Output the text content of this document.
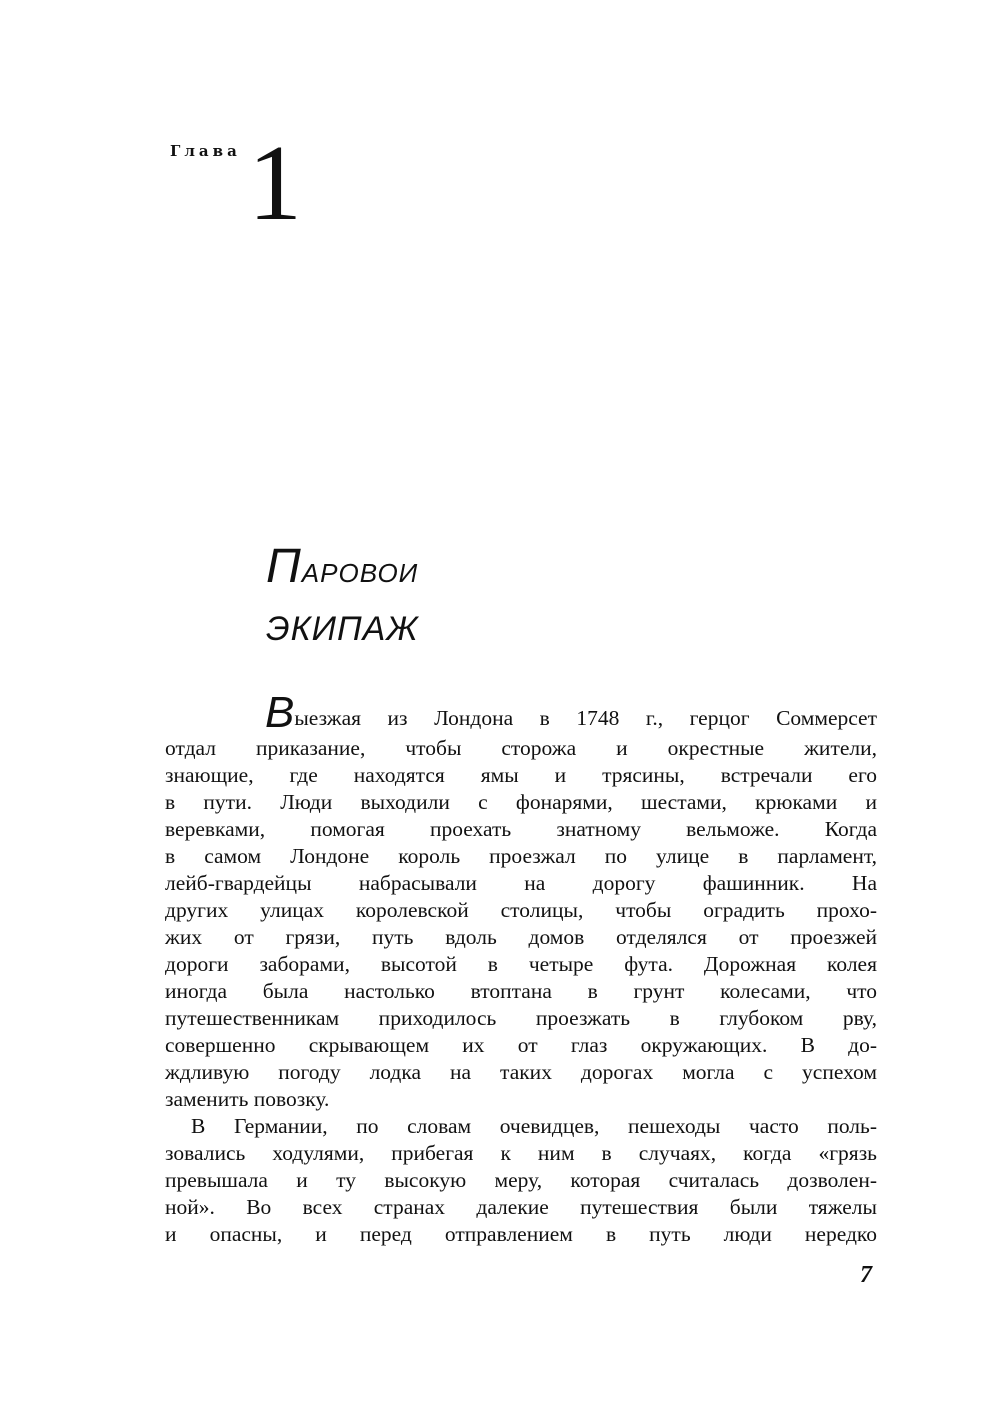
Глава 1
Паровои
ЭКИПАЖ
Выезжая из Лондона в 1748 г., герцог Соммерсет
отдал приказание, чтобы сторожа и окрестные жители,
знающие, где находятся ямы и трясины, встречали его
в пути. Люди выходили с фонарями, шестами, крюками и
веревками, помогая проехать знатному вельможе. Когда
в самом Лондоне король проезжал по улице в парламент,
лейб-гвардейцы набрасывали на дорогу фашинник. На
других улицах королевской столицы, чтобы оградить прохо-
жих от грязи, путь вдоль домов отделялся от проезжей
дороги заборами, высотой в четыре фута. Дорожная колея
иногда была настолько втоптана в грунт колесами, что
путешественникам приходилось проезжать в глубоком рву,
совершенно скрывающем их от глаз окружающих. В до-
ждливую погоду лодка на таких дорогах могла с успехом
заменить повозку.
В Германии, по словам очевидцев, пешеходы часто поль-
зовались ходулями, прибегая к ним в случаях, когда «грязь
превышала и ту высокую меру, которая считалась дозволен-
ной». Во всех странах далекие путешествия были тяжелы
и опасны, и перед отправлением в путь люди нередко
7
